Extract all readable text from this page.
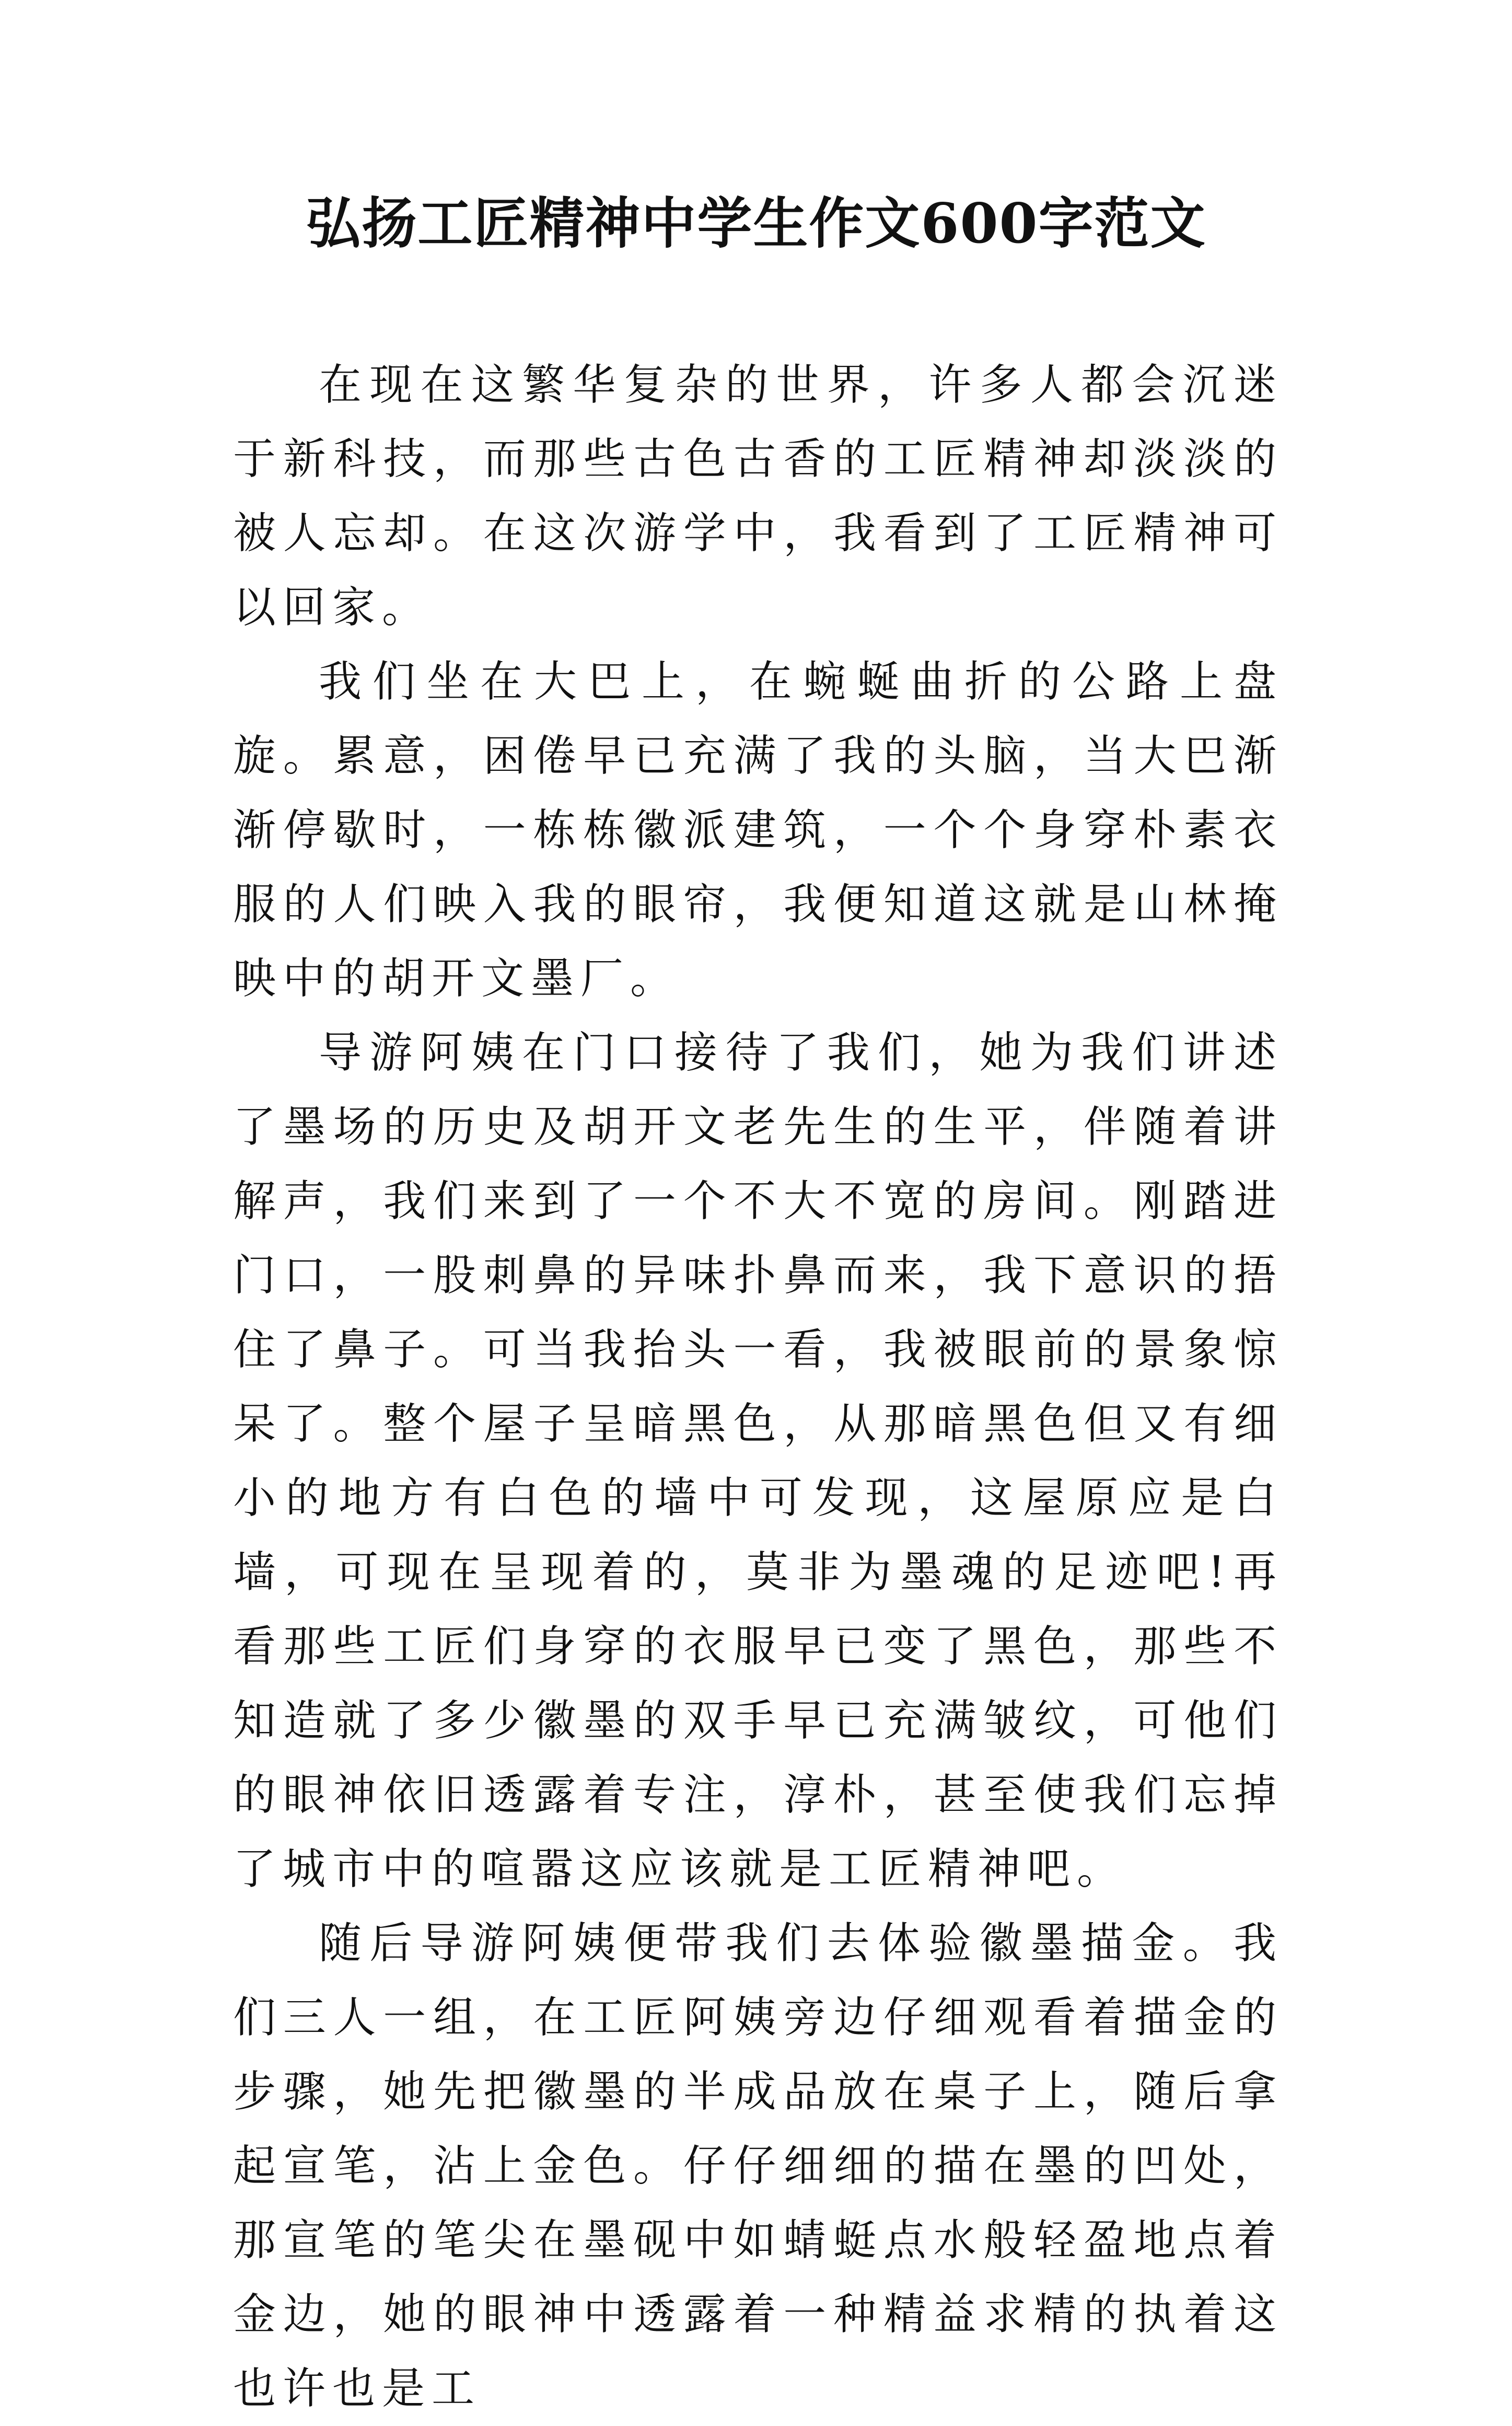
弘扬工匠精神中学生作文600字范文

在现在这繁华复杂的世界，许多人都会沉迷于新科技，而那些古色古香的工匠精神却淡淡的被人忘却。在这次游学中，我看到了工匠精神可以回家。

我们坐在大巴上，在蜿蜒曲折的公路上盘旋。累意，困倦早已充满了我的头脑，当大巴渐渐停歇时，一栋栋徽派建筑，一个个身穿朴素衣服的人们映入我的眼帘，我便知道这就是山林掩映中的胡开文墨厂。

导游阿姨在门口接待了我们，她为我们讲述了墨场的历史及胡开文老先生的生平，伴随着讲解声，我们来到了一个不大不宽的房间。刚踏进门口，一股刺鼻的异味扑鼻而来，我下意识的捂住了鼻子。可当我抬头一看，我被眼前的景象惊呆了。整个屋子呈暗黑色，从那暗黑色但又有细小的地方有白色的墙中可发现，这屋原应是白墙，可现在呈现着的，莫非为墨魂的足迹吧!再看那些工匠们身穿的衣服早已变了黑色，那些不知造就了多少徽墨的双手早已充满皱纹，可他们的眼神依旧透露着专注，淳朴，甚至使我们忘掉了城市中的喧嚣这应该就是工匠精神吧。

随后导游阿姨便带我们去体验徽墨描金。我们三人一组，在工匠阿姨旁边仔细观看着描金的步骤，她先把徽墨的半成品放在桌子上，随后拿起宣笔，沾上金色。仔仔细细的描在墨的凹处，那宣笔的笔尖在墨砚中如蜻蜓点水般轻盈地点着金边，她的眼神中透露着一种精益求精的执着这也许也是工
